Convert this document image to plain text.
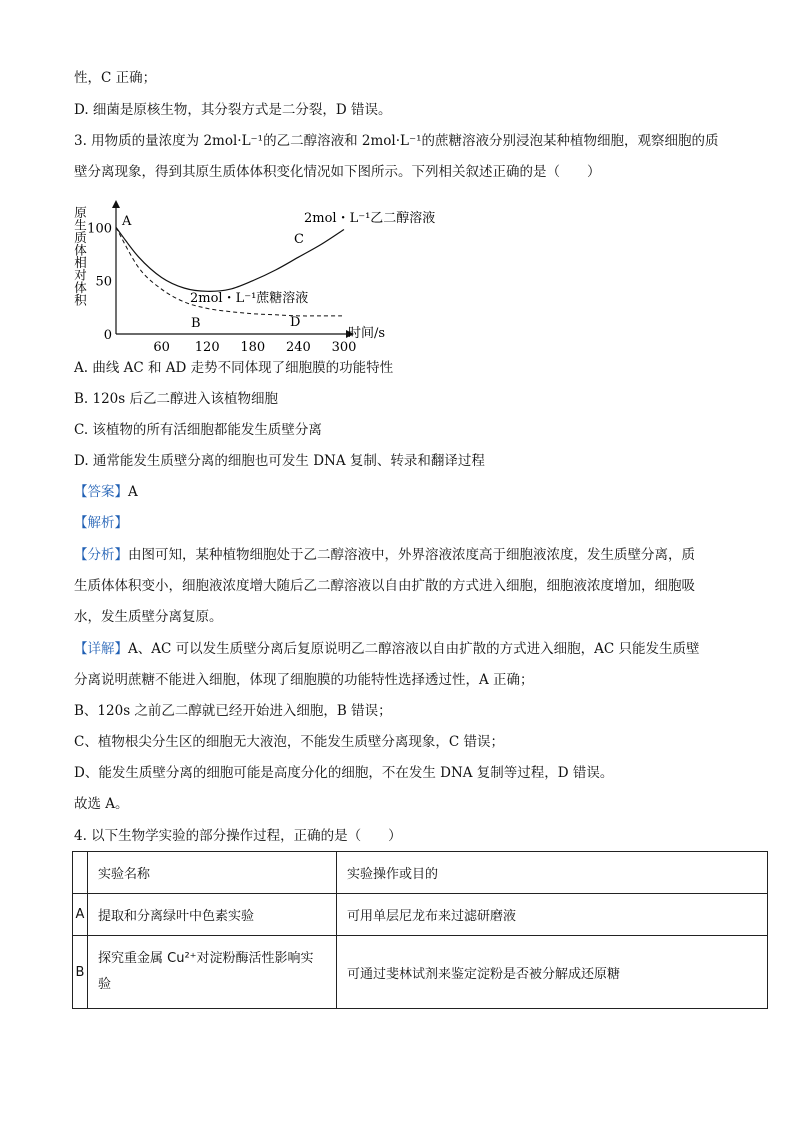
性，C 正确；
D. 细菌是原核生物，其分裂方式是二分裂，D 错误。
3. 用物质的量浓度为 2mol·L⁻¹的乙二醇溶液和 2mol·L⁻¹的蔗糖溶液分别浸泡某种植物细胞，观察细胞的质
壁分离现象，得到其原生质体体积变化情况如下图所示。下列相关叙述正确的是（　　）
原生质体相对体积 100
50
0
60 120 180 240 300
A
B
C
D
2mol・L⁻¹乙二醇溶液
2mol・L⁻¹蔗糖溶液
时间/s
A. 曲线 AC 和 AD 走势不同体现了细胞膜的功能特性
B. 120s 后乙二醇进入该植物细胞
C. 该植物的所有活细胞都能发生质壁分离
D. 通常能发生质壁分离的细胞也可发生 DNA 复制、转录和翻译过程
【答案】A
【解析】
【分析】由图可知，某种植物细胞处于乙二醇溶液中，外界溶液浓度高于细胞液浓度，发生质壁分离，质
生质体体积变小，细胞液浓度增大随后乙二醇溶液以自由扩散的方式进入细胞，细胞液浓度增加，细胞吸
水，发生质壁分离复原。
【详解】A、AC 可以发生质壁分离后复原说明乙二醇溶液以自由扩散的方式进入细胞，AC 只能发生质壁
分离说明蔗糖不能进入细胞，体现了细胞膜的功能特性选择透过性，A 正确；
B、120s 之前乙二醇就已经开始进入细胞，B 错误；
C、植物根尖分生区的细胞无大液泡，不能发生质壁分离现象，C 错误；
D、能发生质壁分离的细胞可能是高度分化的细胞，不在发生 DNA 复制等过程，D 错误。
故选 A。
4. 以下生物学实验的部分操作过程，正确的是（　　）
	实验名称	实验操作或目的
A	提取和分离绿叶中色素实验	可用单层尼龙布来过滤研磨液
B	探究重金属 Cu²⁺对淀粉酶活性影响实验	可通过斐林试剂来鉴定淀粉是否被分解成还原糖
